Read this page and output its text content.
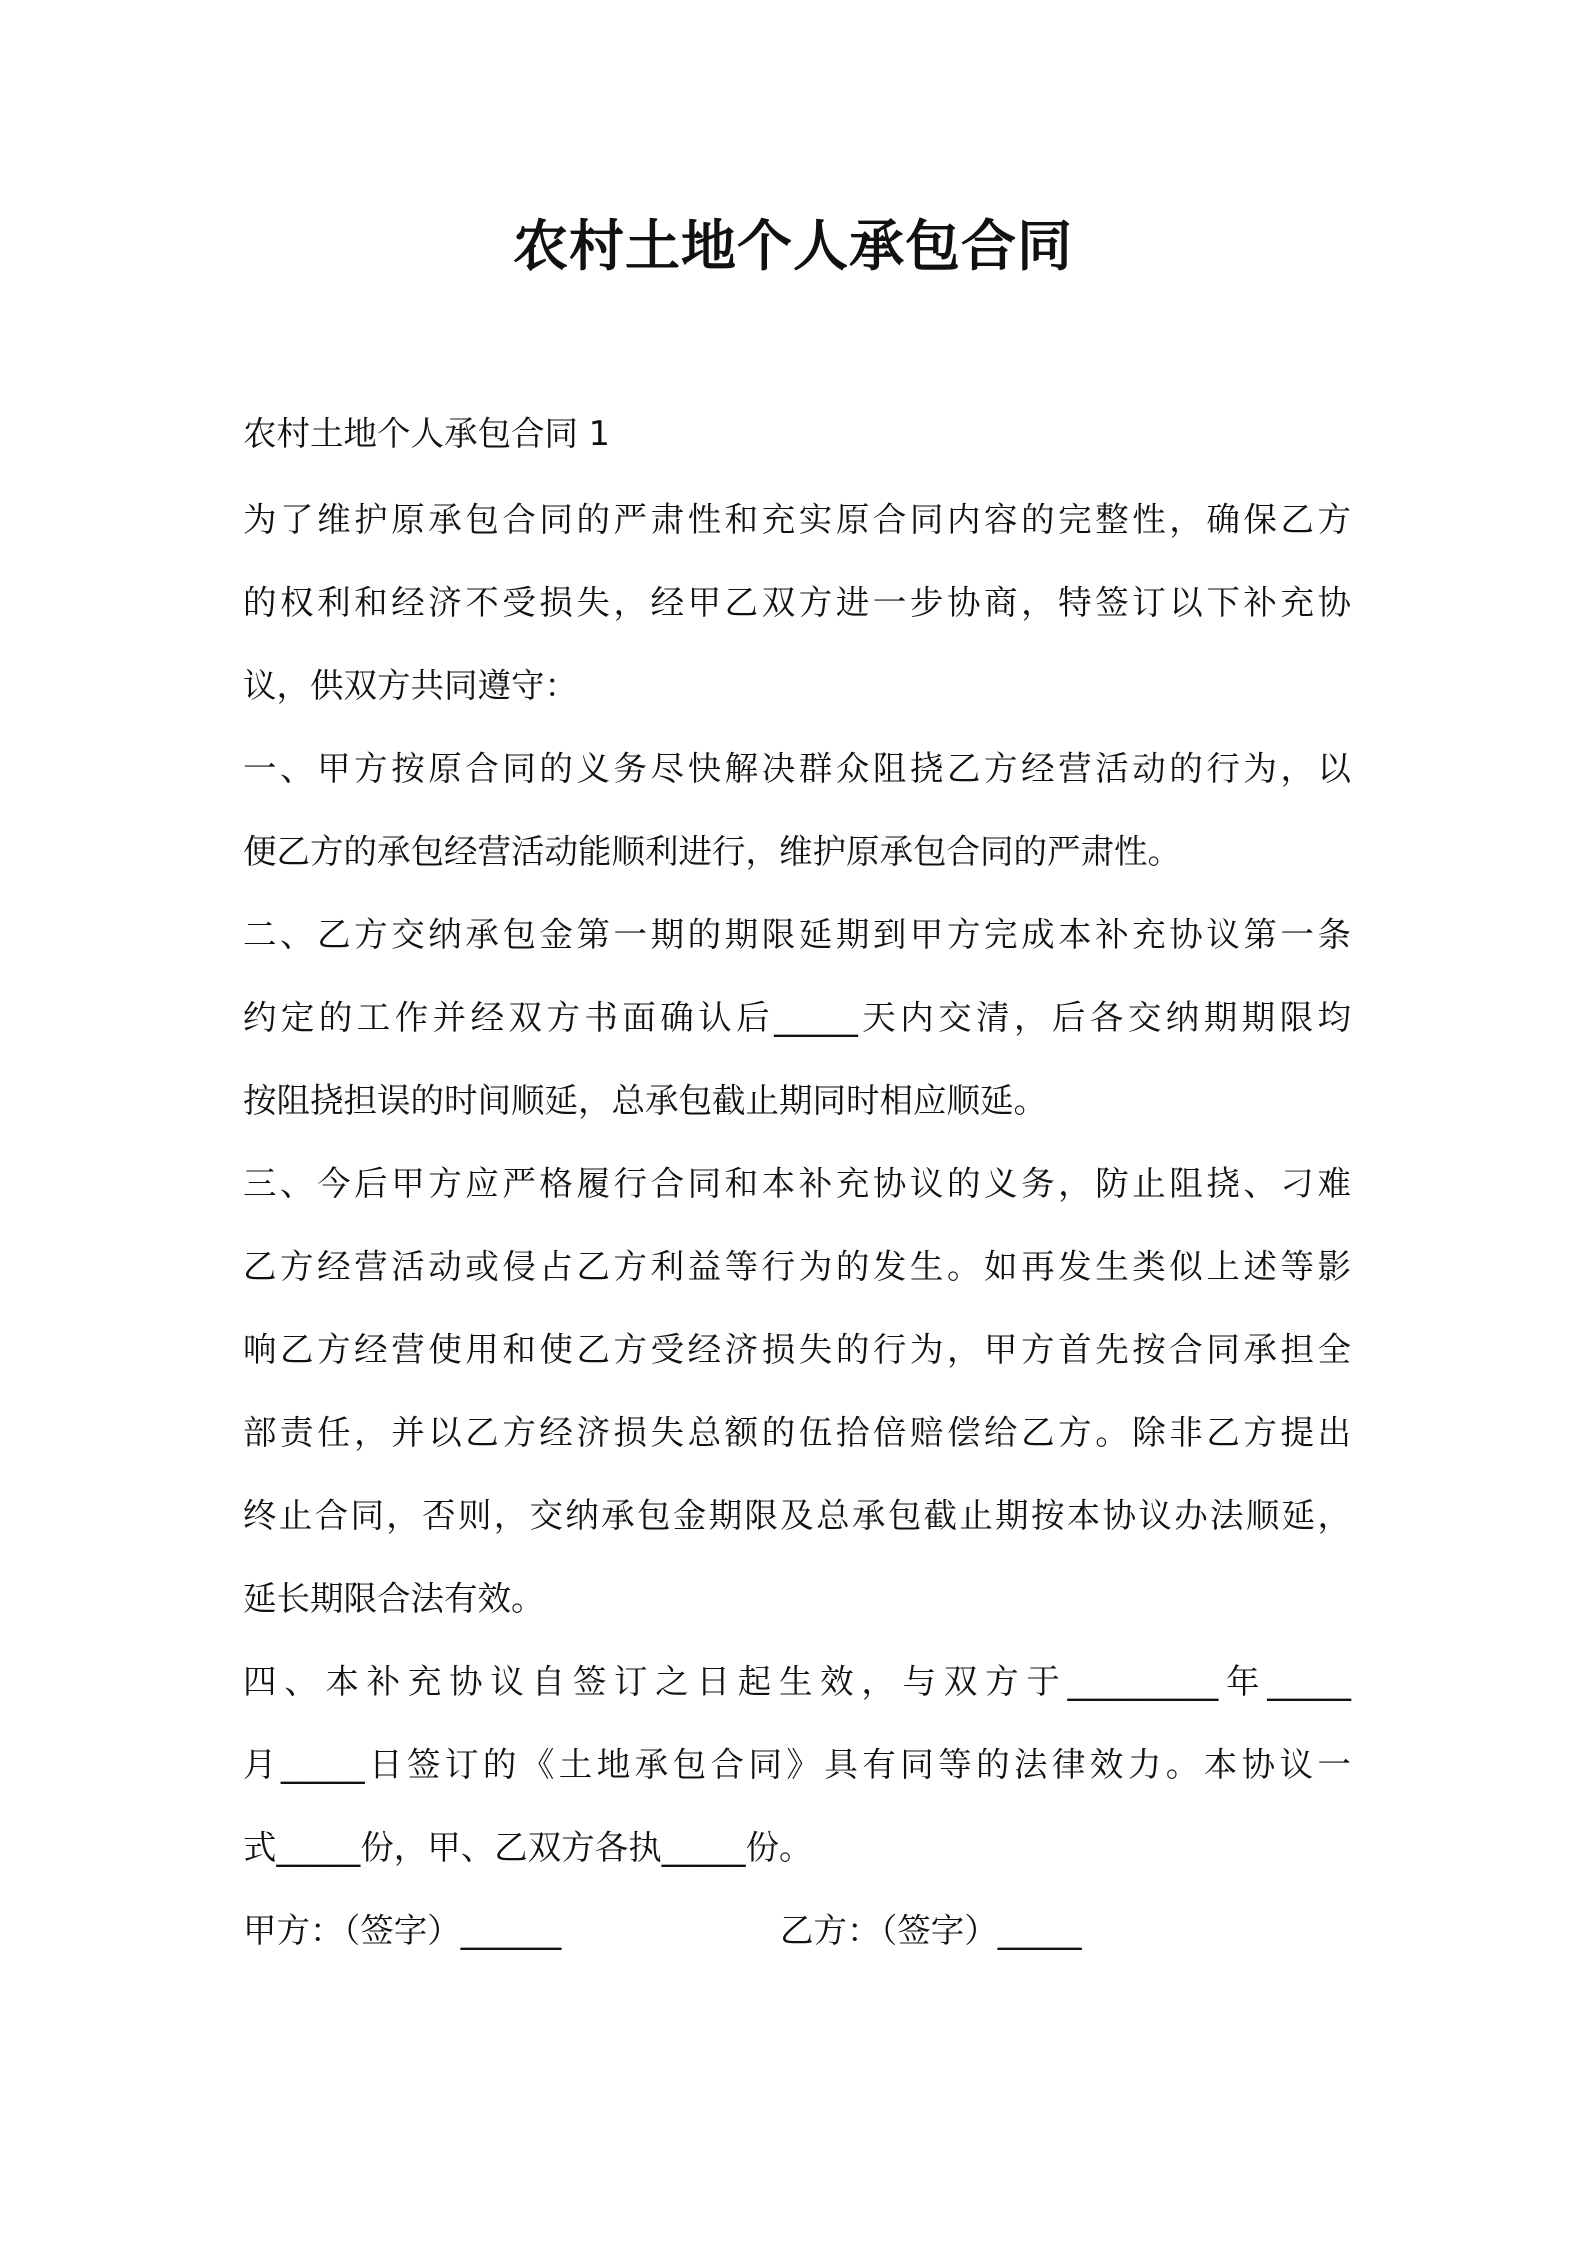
农村土地个人承包合同
农村土地个人承包合同 1
为了维护原承包合同的严肃性和充实原合同内容的完整性，确保乙方
的权利和经济不受损失，经甲乙双方进一步协商，特签订以下补充协
议，供双方共同遵守：
一、甲方按原合同的义务尽快解决群众阻挠乙方经营活动的行为，以
便乙方的承包经营活动能顺利进行，维护原承包合同的严肃性。
二、乙方交纳承包金第一期的期限延期到甲方完成本补充协议第一条
约定的工作并经双方书面确认后_____天内交清，后各交纳期期限均
按阻挠担误的时间顺延，总承包截止期同时相应顺延。
三、今后甲方应严格履行合同和本补充协议的义务，防止阻挠、刁难
乙方经营活动或侵占乙方利益等行为的发生。如再发生类似上述等影
响乙方经营使用和使乙方受经济损失的行为，甲方首先按合同承担全
部责任，并以乙方经济损失总额的伍拾倍赔偿给乙方。除非乙方提出
终止合同，否则，交纳承包金期限及总承包截止期按本协议办法顺延，
延长期限合法有效。
四、本补充协议自签订之日起生效，与双方于_________年_____
月_____日签订的《土地承包合同》具有同等的法律效力。本协议一
式_____份，甲、乙双方各执_____份。
甲方：（签字）______	乙方：（签字）_____
